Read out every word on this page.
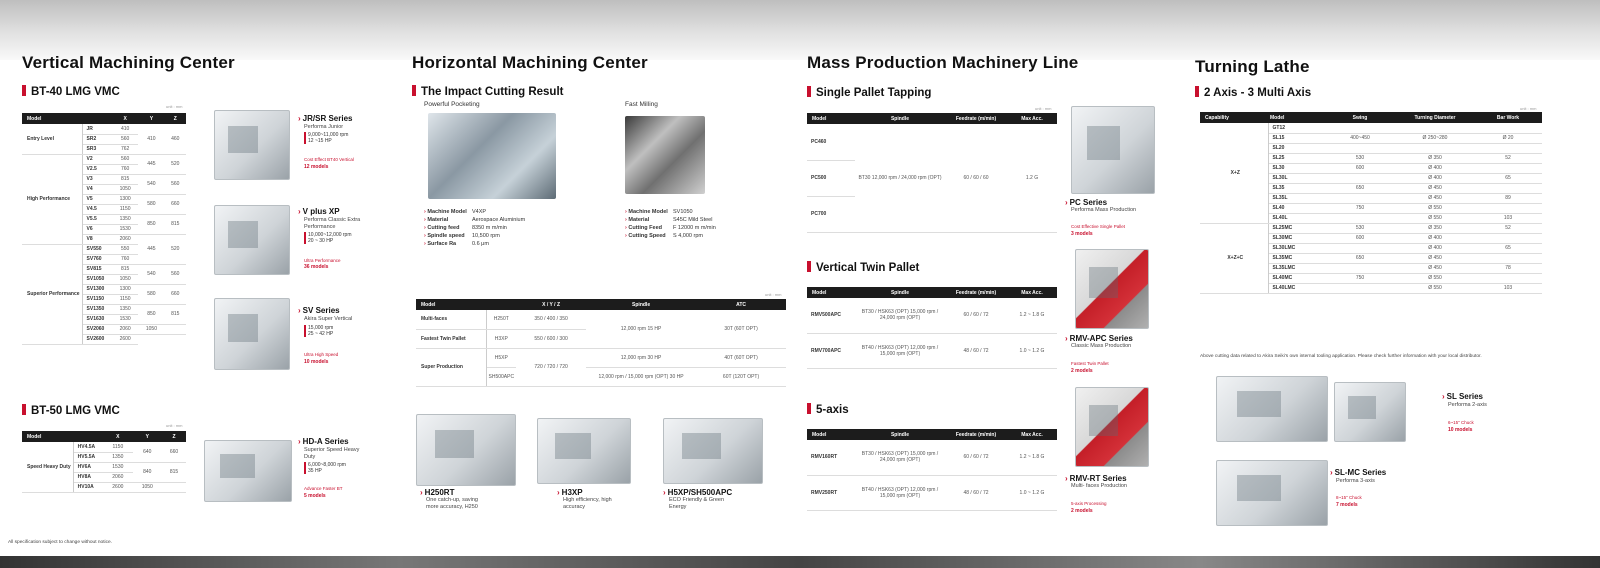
Vertical Machining Center
BT-40 LMG VMC
unit : mm
Model		X	Y	Z
Entry Level	JR	410	410	460
	SR2	560		
	SR3	762		
High Performance	V2	560	445	520
	V2.5	760		
	V3	815	540	560
	V4	1050		
	V5	1300	580	660
	V4.5	1150		
	V5.5	1350	850	815
	V6	1530		
	V8	2060	445	520
Superior Performance	SV550	550		
	SV760	760		
	SV815	815	540	560
	SV1050	1050		
	SV1300	1300	580	660
	SV1150	1150		
	SV1350	1350	850	815
	SV1630	1530		
	SV2060	2060	1050	
	SV2600	2600		
BT-50 LMG VMC
unit : mm
Model		X	Y	Z
Speed Heavy Duty	HV4.5A	1150	640	660
	HV5.5A	1350		
	HV6A	1530	840	815
	HV8A	2060		
	HV10A	2600	1050	
› JR/SR Series
Performa Junior
9,000~11,000 rpm
12 ~15 HP
Cost Effect BT40 Vertical
12 models
› V plus XP
Performa Classic Extra Performance
10,000~12,000 rpm
20 ~ 30 HP
Ultra Performance
36 models
› SV Series
Akira Super Vertical
15,000 rpm
25 ~ 42 HP
Ultra High Speed
10 models
› HD-A Series
Superior Speed Heavy Duty
6,000~8,000 rpm
35 HP
Advance Faster BT
5 models
All specification subject to change without notice.
Horizontal Machining Center
The Impact Cutting Result
Powerful Pocketing	Fast Milling
› Machine Model V4XP
› Material	Aerospace Aluminium
› Cutting feed	8350 m m/min
› Spindle speed	10,500 rpm
› Surface Ra	0.6 μm
› Machine Model SV1050
› Material	S45C Mild Steel
› Cutting Feed	F 12000 m m/min
› Cutting Speed	S 4,000 rpm
unit : mm
Model		X / Y / Z	Spindle	ATC
Multi-faces	H250T	350 / 400 / 350	12,000 rpm 15 HP	30T (60T OPT)
Fastest Twin Pallet	H3XP	550 / 600 / 300		
Super Production	H5XP	720 / 720 / 720	12,000 rpm 30 HP	40T (60T OPT)
	SH500APC		12,000 rpm / 15,000 rpm (OPT) 30 HP	60T (120T OPT)
› H250RT
One catch-up, saving more accuracy, H250
› H3XP
High efficiency, high accuracy
› H5XP/SH500APC
ECO Friendly & Green Energy
Mass Production Machinery Line
Single Pallet Tapping
unit : mm
Model	Spindle	Feedrate (m/min)	Max Acc.
PC460	BT30 12,000 rpm / 24,000 rpm (OPT)	60 / 60 / 60	1.2 G
PC500			
PC700			
Vertical Twin Pallet
Model	Spindle	Feedrate (m/min)	Max Acc.
RMV500APC	BT30 / HSK63 (OPT) 15,000 rpm / 24,000 rpm (OPT)	60 / 60 / 72	1.2 ~ 1.8 G
RMV700APC	BT40 / HSK63 (OPT) 12,000 rpm / 15,000 rpm (OPT)	48 / 60 / 72	1.0 ~ 1.2 G
5-axis
Model	Spindle	Feedrate (m/min)	Max Acc.
RMV160RT	BT30 / HSK63 (OPT) 15,000 rpm / 24,000 rpm (OPT)	60 / 60 / 72	1.2 ~ 1.8 G
RMV250RT	BT40 / HSK63 (OPT) 12,000 rpm / 15,000 rpm (OPT)	48 / 60 / 72	1.0 ~ 1.2 G
› PC Series
Performa Mass Production
Cost Effective Single Pallet
3 models
› RMV-APC Series
Classic Mass Production
Fastest Twin Pallet
2 models
› RMV-RT Series
Multi- faces Production
5-axis Processing
2 models
Turning Lathe
2 Axis - 3 Multi Axis
unit : mm
Capability	Model	Swing	Turning Diameter	Bar Work
X+Z	GT12			
	SL15	400~450	Ø 250~280	Ø 20
	SL20			
	SL25	530	Ø 350	52
	SL30	600	Ø 400	
	SL30L		Ø 400	65
	SL35	650	Ø 450	
	SL35L		Ø 450	89
	SL40	750	Ø 550	
	SL40L		Ø 550	103
X+Z+C	SL25MC	530	Ø 350	52
	SL30MC	600	Ø 400	
	SL30LMC		Ø 400	65
	SL35MC	650	Ø 450	
	SL35LMC		Ø 450	78
	SL40MC	750	Ø 550	
	SL40LMC		Ø 550	103
Above cutting data related to Akira Seiki's own internal tooling application. Please check further information with your local distributor.
› SL Series
Performa 2-axis
6~15" Chuck
10 models
› SL-MC Series
Performa 3-axis
8~15" Chuck
7 models
